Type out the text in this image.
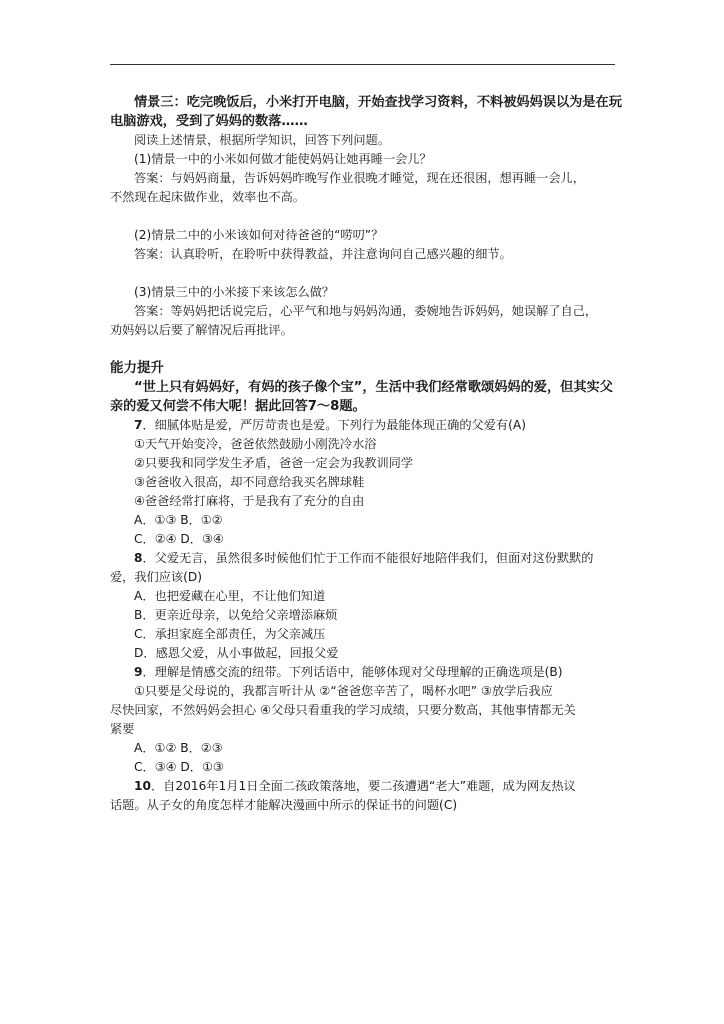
情景三：吃完晚饭后，小米打开电脑，开始查找学习资料，不料被妈妈误以为是在玩
电脑游戏，受到了妈妈的数落……
阅读上述情景，根据所学知识，回答下列问题。
(1)情景一中的小米如何做才能使妈妈让她再睡一会儿？
答案：与妈妈商量，告诉妈妈昨晚写作业很晚才睡觉，现在还很困，想再睡一会儿，
不然现在起床做作业，效率也不高。
(2)情景二中的小米该如何对待爸爸的“唠叨”？
答案：认真聆听，在聆听中获得教益，并注意询问自己感兴趣的细节。
(3)情景三中的小米接下来该怎么做？
答案：等妈妈把话说完后，心平气和地与妈妈沟通，委婉地告诉妈妈，她误解了自己，
劝妈妈以后要了解情况后再批评。
能力提升
“世上只有妈妈好，有妈的孩子像个宝”，生活中我们经常歌颂妈妈的爱，但其实父
亲的爱又何尝不伟大呢！据此回答7～8题。
7．细腻体贴是爱，严厉苛责也是爱。下列行为最能体现正确的父爱有(A)
①天气开始变冷，爸爸依然鼓励小刚洗冷水浴
②只要我和同学发生矛盾，爸爸一定会为我教训同学
③爸爸收入很高，却不同意给我买名牌球鞋
④爸爸经常打麻将，于是我有了充分的自由
A．①③ B．①②
C．②④ D．③④
8．父爱无言，虽然很多时候他们忙于工作而不能很好地陪伴我们，但面对这份默默的
爱，我们应该(D)
A．也把爱藏在心里，不让他们知道
B．更亲近母亲，以免给父亲增添麻烦
C．承担家庭全部责任，为父亲减压
D．感恩父爱，从小事做起，回报父爱
9．理解是情感交流的纽带。下列话语中，能够体现对父母理解的正确选项是(B)
①只要是父母说的，我都言听计从 ②“爸爸您辛苦了，喝杯水吧” ③放学后我应
尽快回家，不然妈妈会担心 ④父母只看重我的学习成绩，只要分数高，其他事情都无关
紧要
A．①② B．②③
C．③④ D．①③
10．自2016年1月1日全面二孩政策落地，要二孩遭遇“老大”难题，成为网友热议
话题。从子女的角度怎样才能解决漫画中所示的保证书的问题(C)
